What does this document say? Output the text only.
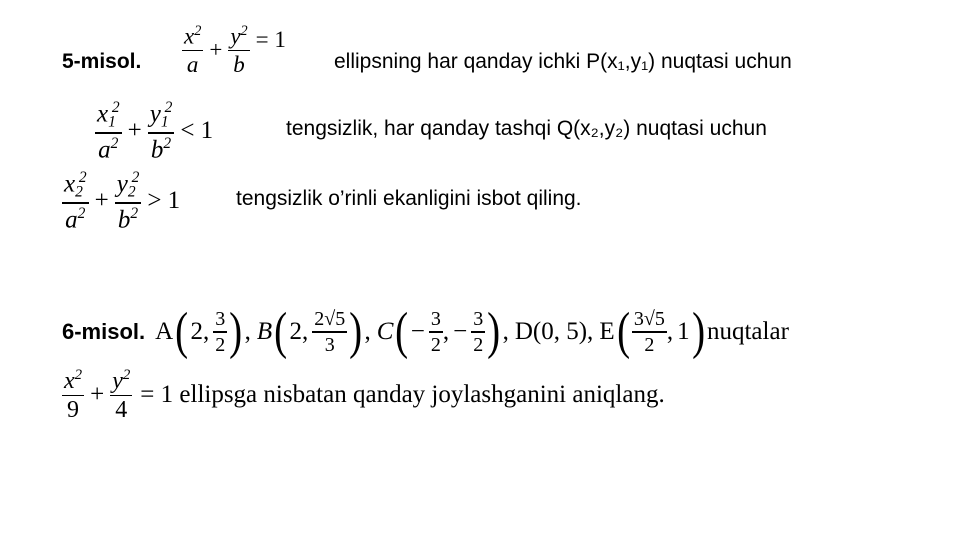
5-misol. $\frac{x^2}{a} + \frac{y^2}{b} = 1$
ellipsning har qanday ichki P(x₁,y₁) nuqtasi uchun
$\frac{x_1^2}{a^2} + \frac{y_1^2}{b^2} < 1$	tengsizlik, har qanday tashqi Q(x₂,y₂) nuqtasi uchun
$\frac{x_2^2}{a^2} + \frac{y_2^2}{b^2} > 1$	tengsizlik o’rinli ekanligini isbot qiling.
6-misol. A ( 2 , $\frac{3}{2}$ ) , B ( 2 , $\frac{2√5}{3}$ ) , C ( − $\frac{3}{2}$ , − $\frac{3}{2}$ ) , D(0, 5), E ( $\frac{3√5}{2}$ , 1 ) nuqtalar
$\frac{x^2}{9} + \frac{y^2}{4} = 1$ ellipsga nisbatan qanday joylashganini aniqlang.
